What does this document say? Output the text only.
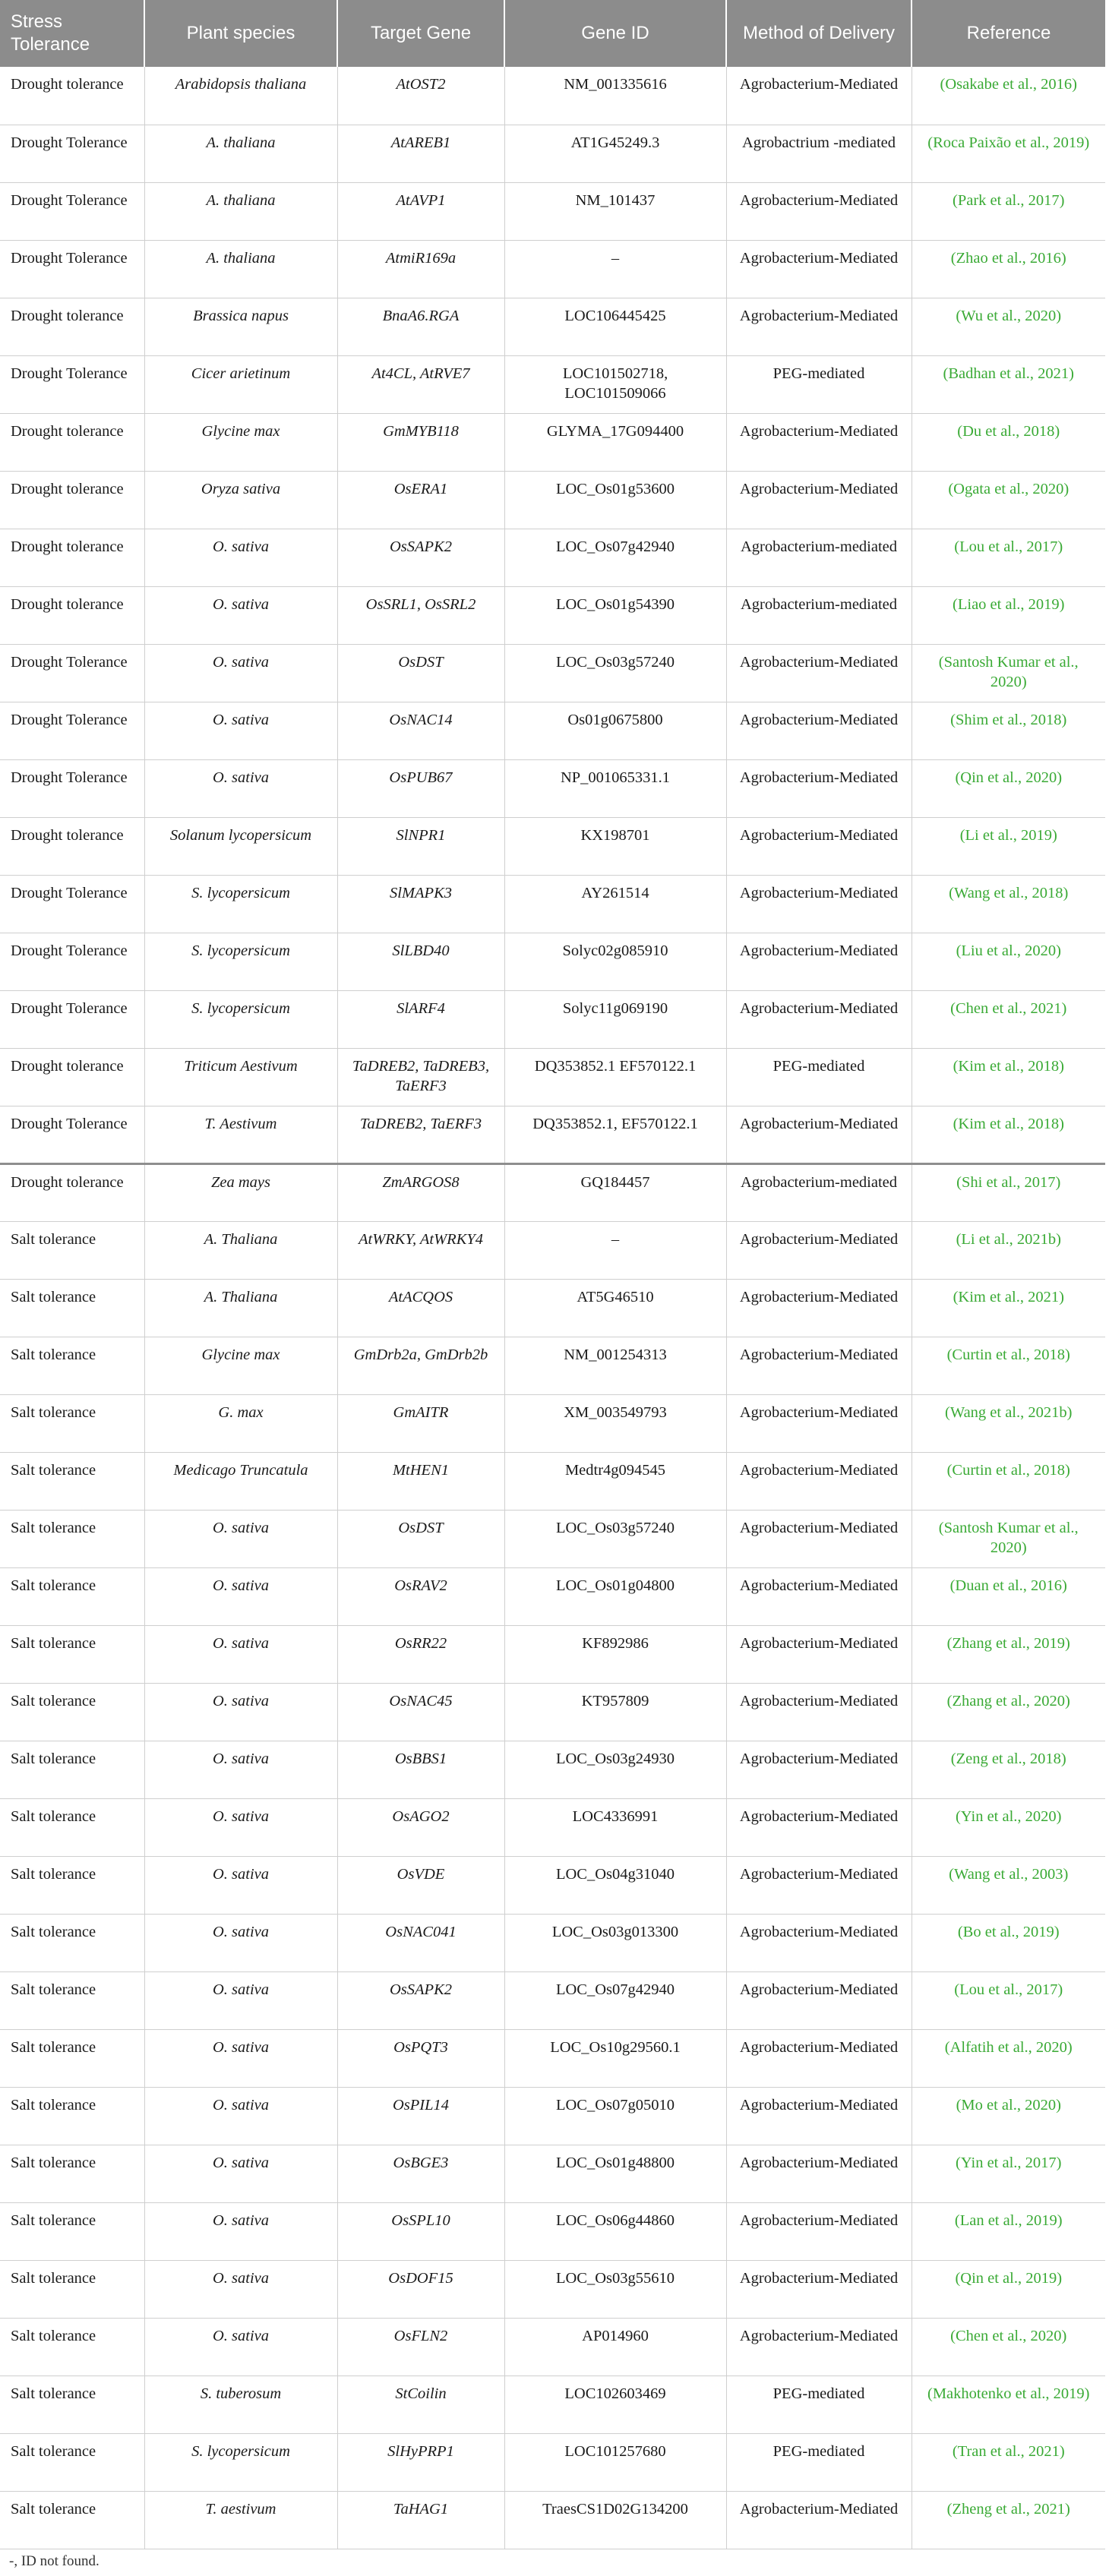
Stress Tolerance	Plant species	Target Gene	Gene ID	Method of Delivery	Reference
Drought tolerance	Arabidopsis thaliana	AtOST2	NM_001335616	Agrobacterium-Mediated	(Osakabe et al., 2016)
Drought Tolerance	A. thaliana	AtAREB1	AT1G45249.3	Agrobactrium -mediated	(Roca Paixão et al., 2019)
Drought Tolerance	A. thaliana	AtAVP1	NM_101437	Agrobacterium-Mediated	(Park et al., 2017)
Drought Tolerance	A. thaliana	AtmiR169a	–	Agrobacterium-Mediated	(Zhao et al., 2016)
Drought tolerance	Brassica napus	BnaA6.RGA	LOC106445425	Agrobacterium-Mediated	(Wu et al., 2020)
Drought Tolerance	Cicer arietinum	At4CL, AtRVE7	LOC101502718, LOC101509066	PEG-mediated	(Badhan et al., 2021)
Drought tolerance	Glycine max	GmMYB118	GLYMA_17G094400	Agrobacterium-Mediated	(Du et al., 2018)
Drought tolerance	Oryza sativa	OsERA1	LOC_Os01g53600	Agrobacterium-Mediated	(Ogata et al., 2020)
Drought tolerance	O. sativa	OsSAPK2	LOC_Os07g42940	Agrobacterium-mediated	(Lou et al., 2017)
Drought tolerance	O. sativa	OsSRL1, OsSRL2	LOC_Os01g54390	Agrobacterium-mediated	(Liao et al., 2019)
Drought Tolerance	O. sativa	OsDST	LOC_Os03g57240	Agrobacterium-Mediated	(Santosh Kumar et al., 2020)
Drought Tolerance	O. sativa	OsNAC14	Os01g0675800	Agrobacterium-Mediated	(Shim et al., 2018)
Drought Tolerance	O. sativa	OsPUB67	NP_001065331.1	Agrobacterium-Mediated	(Qin et al., 2020)
Drought tolerance	Solanum lycopersicum	SlNPR1	KX198701	Agrobacterium-Mediated	(Li et al., 2019)
Drought Tolerance	S. lycopersicum	SlMAPK3	AY261514	Agrobacterium-Mediated	(Wang et al., 2018)
Drought Tolerance	S. lycopersicum	SlLBD40	Solyc02g085910	Agrobacterium-Mediated	(Liu et al., 2020)
Drought Tolerance	S. lycopersicum	SlARF4	Solyc11g069190	Agrobacterium-Mediated	(Chen et al., 2021)
Drought tolerance	Triticum Aestivum	TaDREB2, TaDREB3, TaERF3	DQ353852.1 EF570122.1	PEG-mediated	(Kim et al., 2018)
Drought Tolerance	T. Aestivum	TaDREB2, TaERF3	DQ353852.1, EF570122.1	Agrobacterium-Mediated	(Kim et al., 2018)
Drought tolerance	Zea mays	ZmARGOS8	GQ184457	Agrobacterium-mediated	(Shi et al., 2017)
Salt tolerance	A. Thaliana	AtWRKY, AtWRKY4	–	Agrobacterium-Mediated	(Li et al., 2021b)
Salt tolerance	A. Thaliana	AtACQOS	AT5G46510	Agrobacterium-Mediated	(Kim et al., 2021)
Salt tolerance	Glycine max	GmDrb2a, GmDrb2b	NM_001254313	Agrobacterium-Mediated	(Curtin et al., 2018)
Salt tolerance	G. max	GmAITR	XM_003549793	Agrobacterium-Mediated	(Wang et al., 2021b)
Salt tolerance	Medicago Truncatula	MtHEN1	Medtr4g094545	Agrobacterium-Mediated	(Curtin et al., 2018)
Salt tolerance	O. sativa	OsDST	LOC_Os03g57240	Agrobacterium-Mediated	(Santosh Kumar et al., 2020)
Salt tolerance	O. sativa	OsRAV2	LOC_Os01g04800	Agrobacterium-Mediated	(Duan et al., 2016)
Salt tolerance	O. sativa	OsRR22	KF892986	Agrobacterium-Mediated	(Zhang et al., 2019)
Salt tolerance	O. sativa	OsNAC45	KT957809	Agrobacterium-Mediated	(Zhang et al., 2020)
Salt tolerance	O. sativa	OsBBS1	LOC_Os03g24930	Agrobacterium-Mediated	(Zeng et al., 2018)
Salt tolerance	O. sativa	OsAGO2	LOC4336991	Agrobacterium-Mediated	(Yin et al., 2020)
Salt tolerance	O. sativa	OsVDE	LOC_Os04g31040	Agrobacterium-Mediated	(Wang et al., 2003)
Salt tolerance	O. sativa	OsNAC041	LOC_Os03g013300	Agrobacterium-Mediated	(Bo et al., 2019)
Salt tolerance	O. sativa	OsSAPK2	LOC_Os07g42940	Agrobacterium-Mediated	(Lou et al., 2017)
Salt tolerance	O. sativa	OsPQT3	LOC_Os10g29560.1	Agrobacterium-Mediated	(Alfatih et al., 2020)
Salt tolerance	O. sativa	OsPIL14	LOC_Os07g05010	Agrobacterium-Mediated	(Mo et al., 2020)
Salt tolerance	O. sativa	OsBGE3	LOC_Os01g48800	Agrobacterium-Mediated	(Yin et al., 2017)
Salt tolerance	O. sativa	OsSPL10	LOC_Os06g44860	Agrobacterium-Mediated	(Lan et al., 2019)
Salt tolerance	O. sativa	OsDOF15	LOC_Os03g55610	Agrobacterium-Mediated	(Qin et al., 2019)
Salt tolerance	O. sativa	OsFLN2	AP014960	Agrobacterium-Mediated	(Chen et al., 2020)
Salt tolerance	S. tuberosum	StCoilin	LOC102603469	PEG-mediated	(Makhotenko et al., 2019)
Salt tolerance	S. lycopersicum	SlHyPRP1	LOC101257680	PEG-mediated	(Tran et al., 2021)
Salt tolerance	T. aestivum	TaHAG1	TraesCS1D02G134200	Agrobacterium-Mediated	(Zheng et al., 2021)
-, ID not found.
